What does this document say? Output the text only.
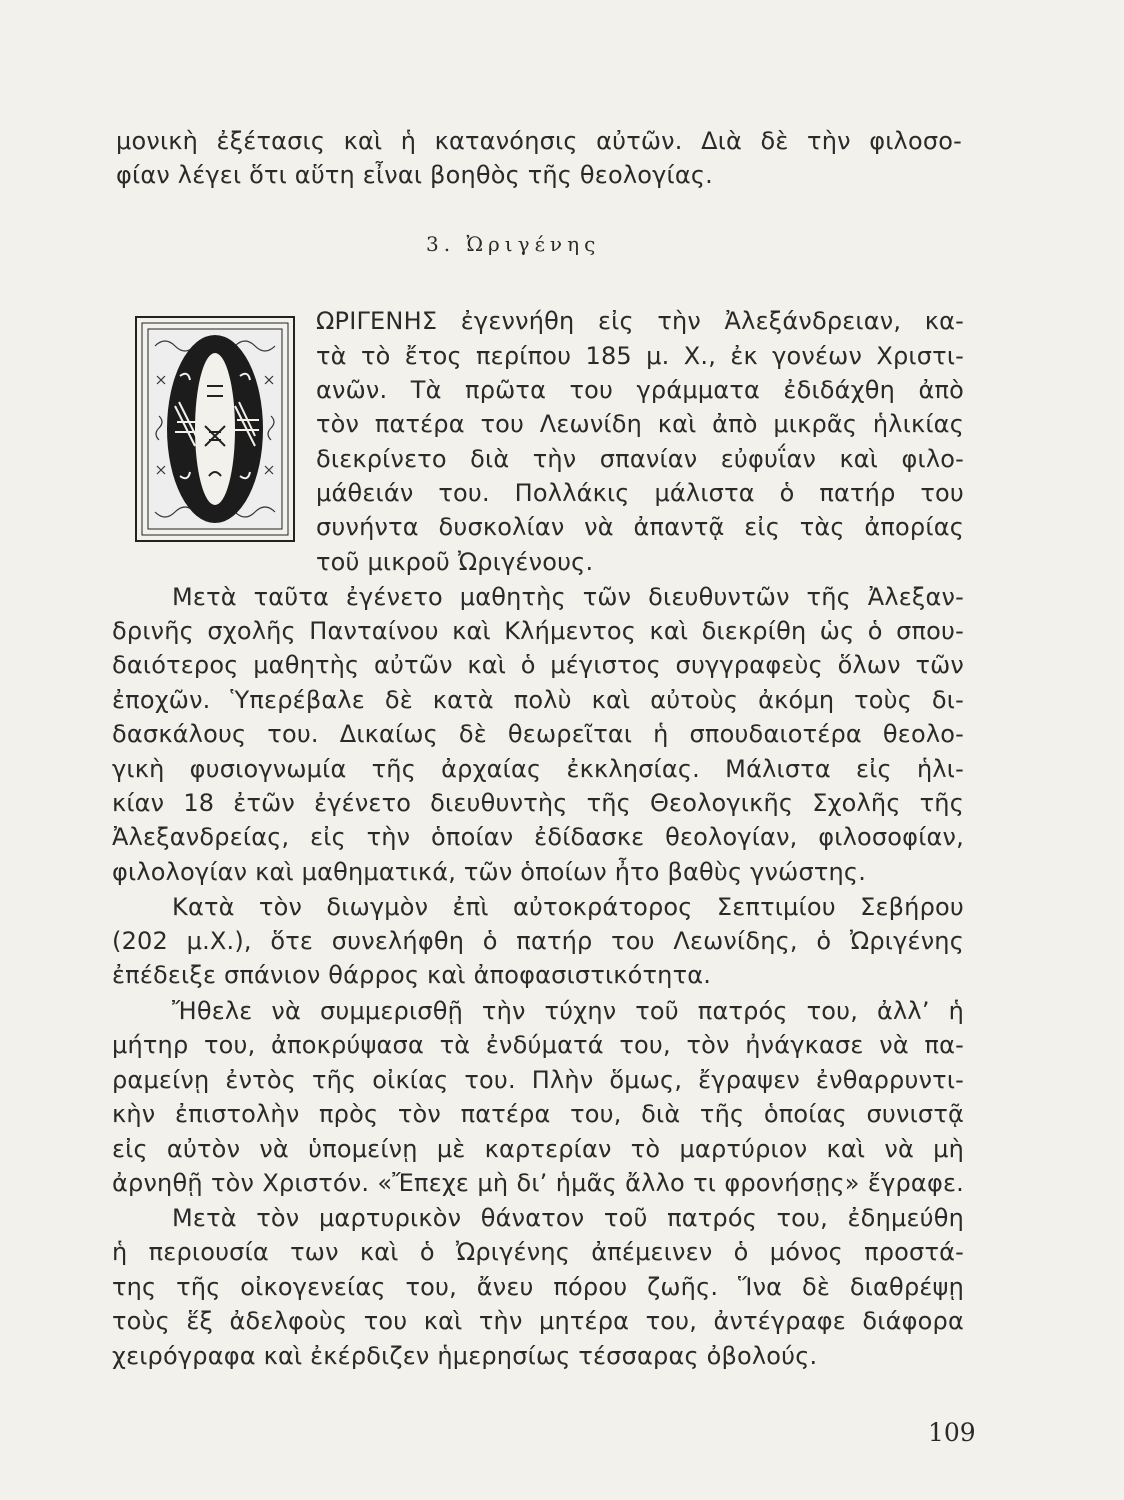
μονικὴ ἐξέτασις καὶ ἡ κατανόησις αὐτῶν. Διὰ δὲ τὴν φιλοσο-
φίαν λέγει ὅτι αὕτη εἶναι βοηθὸς τῆς θεολογίας.
3. Ὠριγένης
ΩΡΙΓΕΝΗΣ ἐγεννήθη εἰς τὴν Ἀλεξάνδρειαν, κα-
τὰ τὸ ἔτος περίπου 185 μ. Χ., ἐκ γονέων Χριστι-
ανῶν. Τὰ πρῶτα του γράμματα ἐδιδάχθη ἀπὸ
τὸν πατέρα του Λεωνίδη καὶ ἀπὸ μικρᾶς ἡλικίας
διεκρίνετο διὰ τὴν σπανίαν εὐφυΐαν καὶ φιλο-
μάθειάν του. Πολλάκις μάλιστα ὁ πατήρ του
συνήντα δυσκολίαν νὰ ἀπαντᾷ εἰς τὰς ἀπορίας
τοῦ μικροῦ Ὠριγένους.
Μετὰ ταῦτα ἐγένετο μαθητὴς τῶν διευθυντῶν τῆς Ἀλεξαν-
δρινῆς σχολῆς Πανταίνου καὶ Κλήμεντος καὶ διεκρίθη ὡς ὁ σπου-
δαιότερος μαθητὴς αὐτῶν καὶ ὁ μέγιστος συγγραφεὺς ὅλων τῶν
ἐποχῶν. Ὑπερέβαλε δὲ κατὰ πολὺ καὶ αὐτοὺς ἀκόμη τοὺς δι-
δασκάλους του. Δικαίως δὲ θεωρεῖται ἡ σπουδαιοτέρα θεολο-
γικὴ φυσιογνωμία τῆς ἀρχαίας ἐκκλησίας. Μάλιστα εἰς ἡλι-
κίαν 18 ἐτῶν ἐγένετο διευθυντὴς τῆς Θεολογικῆς Σχολῆς τῆς
Ἀλεξανδρείας, εἰς τὴν ὁποίαν ἐδίδασκε θεολογίαν, φιλοσοφίαν,
φιλολογίαν καὶ μαθηματικά, τῶν ὁποίων ἦτο βαθὺς γνώστης.
Κατὰ τὸν διωγμὸν ἐπὶ αὐτοκράτορος Σεπτιμίου Σεβήρου
(202 μ.Χ.), ὅτε συνελήφθη ὁ πατήρ του Λεωνίδης, ὁ Ὠριγένης
ἐπέδειξε σπάνιον θάρρος καὶ ἀποφασιστικότητα.
Ἤθελε νὰ συμμερισθῇ τὴν τύχην τοῦ πατρός του, ἀλλ’ ἡ
μήτηρ του, ἀποκρύψασα τὰ ἐνδύματά του, τὸν ἠνάγκασε νὰ πα-
ραμείνῃ ἐντὸς τῆς οἰκίας του. Πλὴν ὅμως, ἔγραψεν ἐνθαρρυντι-
κὴν ἐπιστολὴν πρὸς τὸν πατέρα του, διὰ τῆς ὁποίας συνιστᾷ
εἰς αὐτὸν νὰ ὑπομείνῃ μὲ καρτερίαν τὸ μαρτύριον καὶ νὰ μὴ
ἀρνηθῇ τὸν Χριστόν. «Ἔπεχε μὴ δι’ ἡμᾶς ἄλλο τι φρονήσῃς» ἔγραφε.
Μετὰ τὸν μαρτυρικὸν θάνατον τοῦ πατρός του, ἐδημεύθη
ἡ περιουσία των καὶ ὁ Ὠριγένης ἀπέμεινεν ὁ μόνος προστά-
της τῆς οἰκογενείας του, ἄνευ πόρου ζωῆς. Ἵνα δὲ διαθρέψῃ
τοὺς ἕξ ἀδελφοὺς του καὶ τὴν μητέρα του, ἀντέγραφε διάφορα
χειρόγραφα καὶ ἐκέρδιζεν ἡμερησίως τέσσαρας ὀβολούς.
109
